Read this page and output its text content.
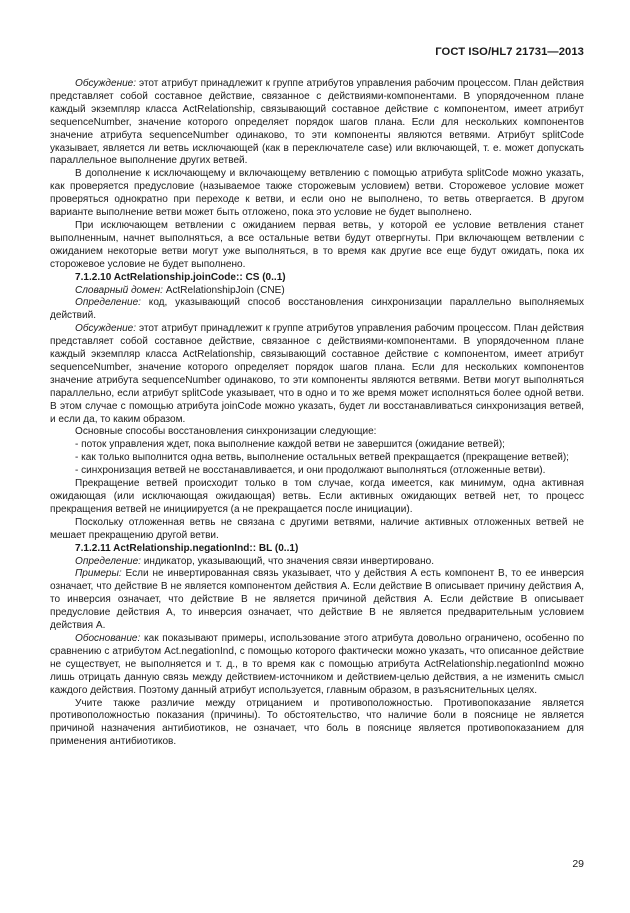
ГОСТ ISO/HL7 21731—2013

Обсуждение: этот атрибут принадлежит к группе атрибутов управления рабочим процессом. План действия представляет собой составное действие, связанное с действиями-компонентами. В упорядоченном плане каждый экземпляр класса ActRelationship, связывающий составное действие с компонентом, имеет атрибут sequenceNumber, значение которого определяет порядок шагов плана. Если для нескольких компонентов значение атрибута sequenceNumber одинаково, то эти компоненты являются ветвями. Атрибут splitCode указывает, является ли ветвь исключающей (как в переключателе case) или включающей, т. е. может допускать параллельное выполнение других ветвей.

В дополнение к исключающему и включающему ветвлению с помощью атрибута splitCode можно указать, как проверяется предусловие (называемое также сторожевым условием) ветви. Сторожевое условие может проверяться однократно при переходе к ветви, и если оно не выполнено, то ветвь отвергается. В другом варианте выполнение ветви может быть отложено, пока это условие не будет выполнено.

При исключающем ветвлении с ожиданием первая ветвь, у которой ее условие ветвления станет выполненным, начнет выполняться, а все остальные ветви будут отвергнуты. При включающем ветвлении с ожиданием некоторые ветви могут уже выполняться, в то время как другие все еще будут ожидать, пока их сторожевое условие не будет выполнено.

7.1.2.10 ActRelationship.joinCode:: CS (0..1)

Словарный домен: ActRelationshipJoin (CNE)

Определение: код, указывающий способ восстановления синхронизации параллельно выполняемых действий.

Обсуждение: этот атрибут принадлежит к группе атрибутов управления рабочим процессом. План действия представляет собой составное действие, связанное с действиями-компонентами. В упорядоченном плане каждый экземпляр класса ActRelationship, связывающий составное действие с компонентом, имеет атрибут sequenceNumber, значение которого определяет порядок шагов плана. Если для нескольких компонентов значение атрибута sequenceNumber одинаково, то эти компоненты являются ветвями. Ветви могут выполняться параллельно, если атрибут splitCode указывает, что в одно и то же время может исполняться более одной ветви. В этом случае с помощью атрибута joinCode можно указать, будет ли восстанавливаться синхронизация ветвей, и если да, то каким образом.

Основные способы восстановления синхронизации следующие:

- поток управления ждет, пока выполнение каждой ветви не завершится (ожидание ветвей);

- как только выполнится одна ветвь, выполнение остальных ветвей прекращается (прекращение ветвей);

- синхронизация ветвей не восстанавливается, и они продолжают выполняться (отложенные ветви).

Прекращение ветвей происходит только в том случае, когда имеется, как минимум, одна активная ожидающая (или исключающая ожидающая) ветвь. Если активных ожидающих ветвей нет, то процесс прекращения ветвей не инициируется (а не прекращается после инициации).

Поскольку отложенная ветвь не связана с другими ветвями, наличие активных отложенных ветвей не мешает прекращению другой ветви.

7.1.2.11 ActRelationship.negationInd:: BL (0..1)

Определение: индикатор, указывающий, что значения связи инвертировано.

Примеры: Если не инвертированная связь указывает, что у действия A есть компонент B, то ее инверсия означает, что действие B не является компонентом действия A. Если действие B описывает причину действия A, то инверсия означает, что действие B не является причиной действия A. Если действие B описывает предусловие действия A, то инверсия означает, что действие B не является предварительным условием действия A.

Обоснование: как показывают примеры, использование этого атрибута довольно ограничено, особенно по сравнению с атрибутом Act.negationInd, с помощью которого фактически можно указать, что описанное действие не существует, не выполняется и т. д., в то время как с помощью атрибута ActRelationship.negationInd можно лишь отрицать данную связь между действием-источником и действием-целью действия, а не изменить смысл каждого действия. Поэтому данный атрибут используется, главным образом, в разъяснительных целях.

Учите также различие между отрицанием и противоположностью. Противопоказание является противоположностью показания (причины). То обстоятельство, что наличие боли в пояснице не является причиной назначения антибиотиков, не означает, что боль в пояснице является противопоказанием для применения антибиотиков.

29
